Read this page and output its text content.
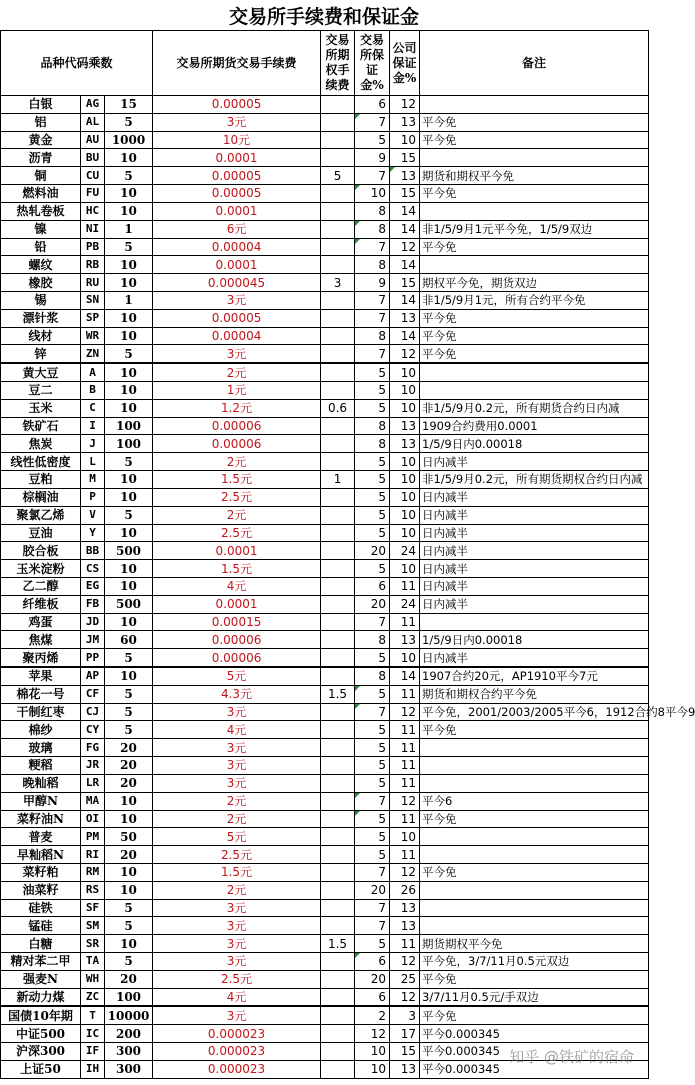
交易所手续费和保证金
品种代码乘数			交易所期货交易手续费	交易所期权手续费	交易所保证金%	公司保证金%	备注
白银	AG	15	0.00005		6	12	
铝	AL	5	3元		7	13	平今免
黄金	AU	1000	10元		5	10	平今免
沥青	BU	10	0.0001		9	15	
铜	CU	5	0.00005	5	7	13	期货和期权平今免
燃料油	FU	10	0.00005		10	15	平今免
热轧卷板	HC	10	0.0001		8	14	
镍	NI	1	6元		8	14	非1/5/9月1元平今免，1/5/9双边
铅	PB	5	0.00004		7	12	平今免
螺纹	RB	10	0.0001		8	14	
橡胶	RU	10	0.000045	3	9	15	期权平今免，期货双边
锡	SN	1	3元		7	14	非1/5/9月1元，所有合约平今免
漂针浆	SP	10	0.00005		7	13	平今免
线材	WR	10	0.00004		8	14	平今免
锌	ZN	5	3元		7	12	平今免
黄大豆	A	10	2元		5	10	
豆二	B	10	1元		5	10	
玉米	C	10	1.2元	0.6	5	10	非1/5/9月0.2元，所有期货合约日内减
铁矿石	I	100	0.00006		8	13	1909合约费用0.0001
焦炭	J	100	0.00006		8	13	1/5/9日内0.00018
线性低密度	L	5	2元		5	10	日内减半
豆粕	M	10	1.5元	1	5	10	非1/5/9月0.2元，所有期货期权合约日内减
棕榈油	P	10	2.5元		5	10	日内减半
聚氯乙烯	V	5	2元		5	10	日内减半
豆油	Y	10	2.5元		5	10	日内减半
胶合板	BB	500	0.0001		20	24	日内减半
玉米淀粉	CS	10	1.5元		5	10	日内减半
乙二醇	EG	10	4元		6	11	日内减半
纤维板	FB	500	0.0001		20	24	日内减半
鸡蛋	JD	10	0.00015		7	11	
焦煤	JM	60	0.00006		8	13	1/5/9日内0.00018
聚丙烯	PP	5	0.00006		5	10	日内减半
苹果	AP	10	5元		8	14	1907合约20元，AP1910平今7元
棉花一号	CF	5	4.3元	1.5	5	11	期货和期权合约平今免
干制红枣	CJ	5	3元		7	12	平今免，2001/2003/2005平今6，1912合约8平今9
棉纱	CY	5	4元		5	11	平今免
玻璃	FG	20	3元		5	11	
粳稻	JR	20	3元		5	11	
晚籼稻	LR	20	3元		5	11	
甲醇N	MA	10	2元		7	12	平今6
菜籽油N	OI	10	2元		5	11	平今免
普麦	PM	50	5元		5	10	
早籼稻N	RI	20	2.5元		5	11	
菜籽粕	RM	10	1.5元		7	12	平今免
油菜籽	RS	10	2元		20	26	
硅铁	SF	5	3元		7	13	
锰硅	SM	5	3元		7	13	
白糖	SR	10	3元	1.5	5	11	期货期权平今免
精对苯二甲	TA	5	3元		6	12	平今免，3/7/11月0.5元双边
强麦N	WH	20	2.5元		20	25	平今免
新动力煤	ZC	100	4元		6	12	3/7/11月0.5元/手双边
国债10年期	T	10000	3元		2	3	平今免
中证500	IC	200	0.000023		12	17	平今0.000345
沪深300	IF	300	0.000023		10	15	平今0.000345
上证50	IH	300	0.000023		10	13	平今0.000345
知乎 @铁矿的宿命
